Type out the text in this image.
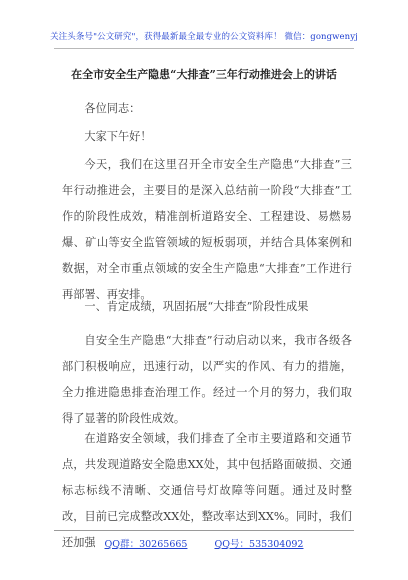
关注头条号"公文研究"，获得最新最全最专业的公文资料库！ 微信：gongwenyj
在全市安全生产隐患“大排查”三年行动推进会上的讲话
各位同志：
大家下午好！
今天，我们在这里召开全市安全生产隐患“大排查”三年行动推进会，主要目的是深入总结前一阶段“大排查”工作的阶段性成效，精准剖析道路安全、工程建设、易燃易爆、矿山等安全监管领域的短板弱项，并结合具体案例和数据，对全市重点领域的安全生产隐患“大排查”工作进行再部署、再安排。
一、肯定成绩，巩固拓展“大排查”阶段性成果
自安全生产隐患“大排查”行动启动以来，我市各级各部门积极响应，迅速行动，以严实的作风、有力的措施，全力推进隐患排查治理工作。经过一个月的努力，我们取得了显著的阶段性成效。
在道路安全领域，我们排查了全市主要道路和交通节点，共发现道路安全隐患XX处，其中包括路面破损、交通标志标线不清晰、交通信号灯故障等问题。通过及时整改，目前已完成整改XX处，整改率达到XX%。同时，我们还加强 QQ群：30265665	QQ号：535304092
